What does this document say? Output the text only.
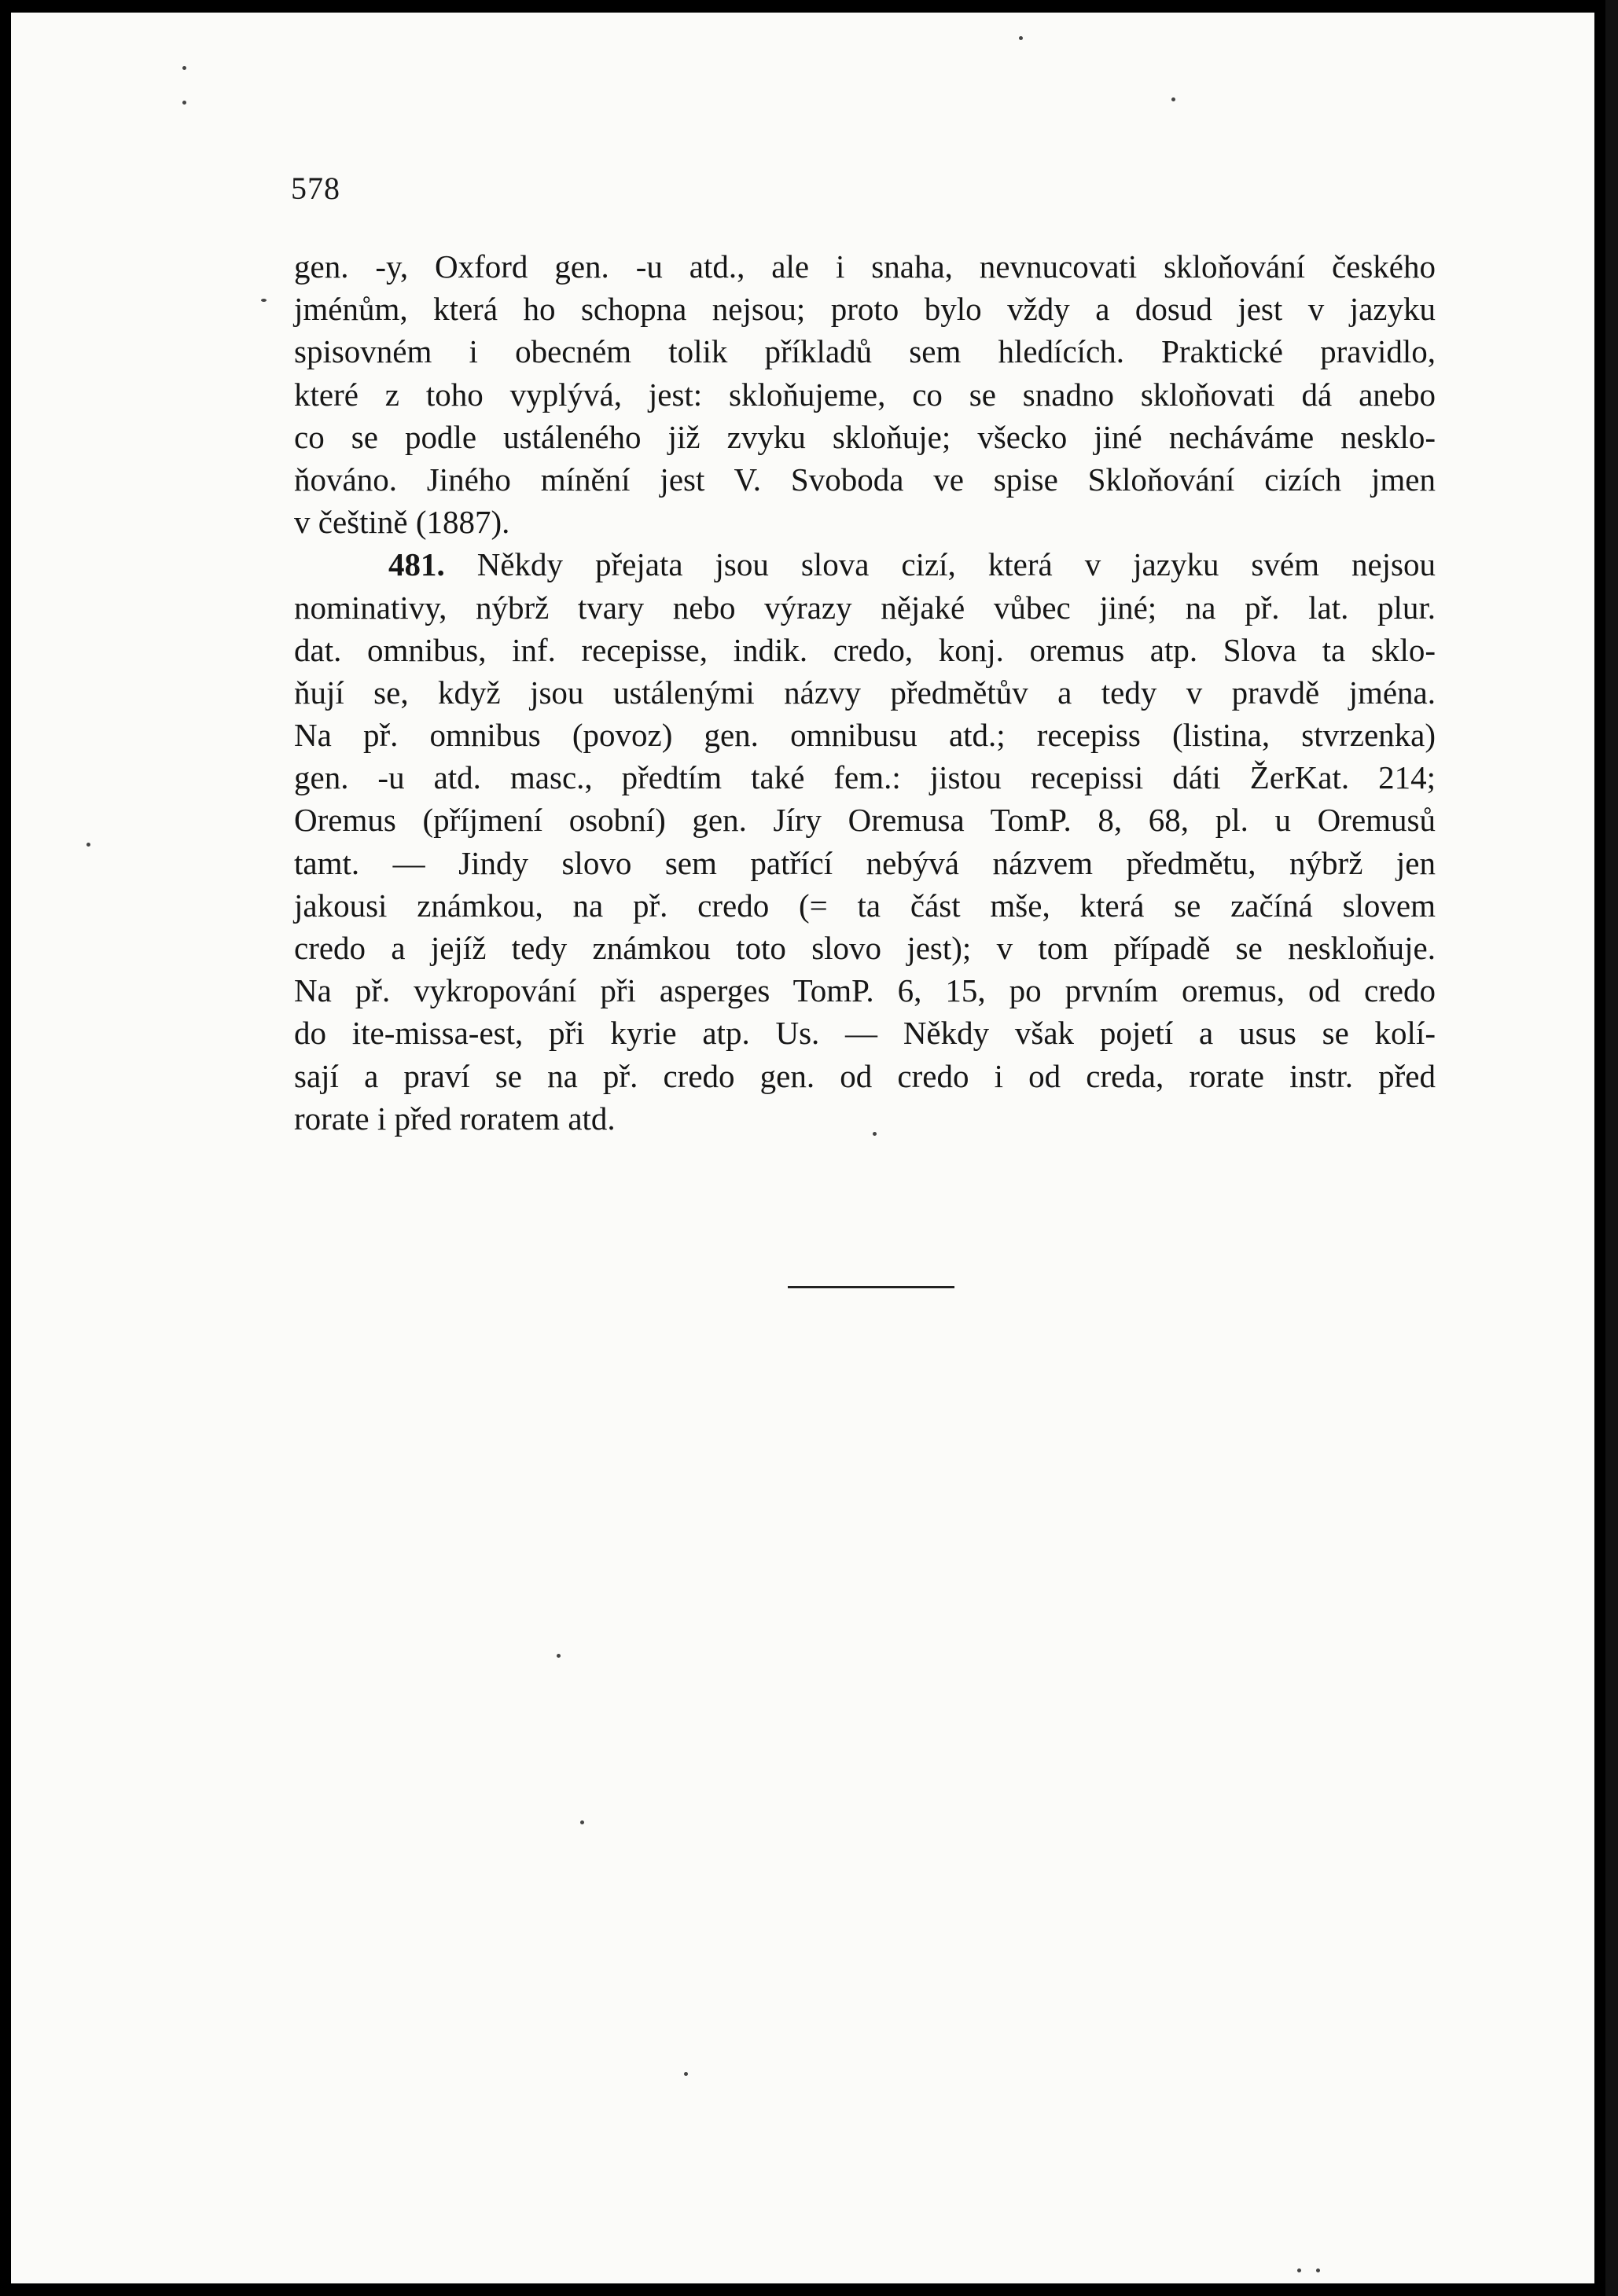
578
gen. -y, Oxford gen. -u atd., ale i snaha, nevnucovati skloňování českého
jménům, která ho schopna nejsou; proto bylo vždy a dosud jest v jazyku
spisovném i obecném tolik příkladů sem hledících. Praktické pravidlo,
které z toho vyplývá, jest: skloňujeme, co se snadno skloňovati dá anebo
co se podle ustáleného již zvyku skloňuje; všecko jiné necháváme nesklo-
ňováno. Jiného mínění jest V. Svoboda ve spise Skloňování cizích jmen
v češtině (1887).
481. Někdy přejata jsou slova cizí, která v jazyku svém nejsou
nominativy, nýbrž tvary nebo výrazy nějaké vůbec jiné; na př. lat. plur.
dat. omnibus, inf. recepisse, indik. credo, konj. oremus atp. Slova ta sklo-
ňují se, když jsou ustálenými názvy předmětův a tedy v pravdě jména.
Na př. omnibus (povoz) gen. omnibusu atd.; recepiss (listina, stvrzenka)
gen. -u atd. masc., předtím také fem.: jistou recepissi dáti ŽerKat. 214;
Oremus (příjmení osobní) gen. Jíry Oremusa TomP. 8, 68, pl. u Oremusů
tamt. — Jindy slovo sem patřící nebývá názvem předmětu, nýbrž jen
jakousi známkou, na př. credo (= ta část mše, která se začíná slovem
credo a jejíž tedy známkou toto slovo jest); v tom případě se neskloňuje.
Na př. vykropování při asperges TomP. 6, 15, po prvním oremus, od credo
do ite-missa-est, při kyrie atp. Us. — Někdy však pojetí a usus se kolí-
sají a praví se na př. credo gen. od credo i od creda, rorate instr. před
rorate i před roratem atd.
